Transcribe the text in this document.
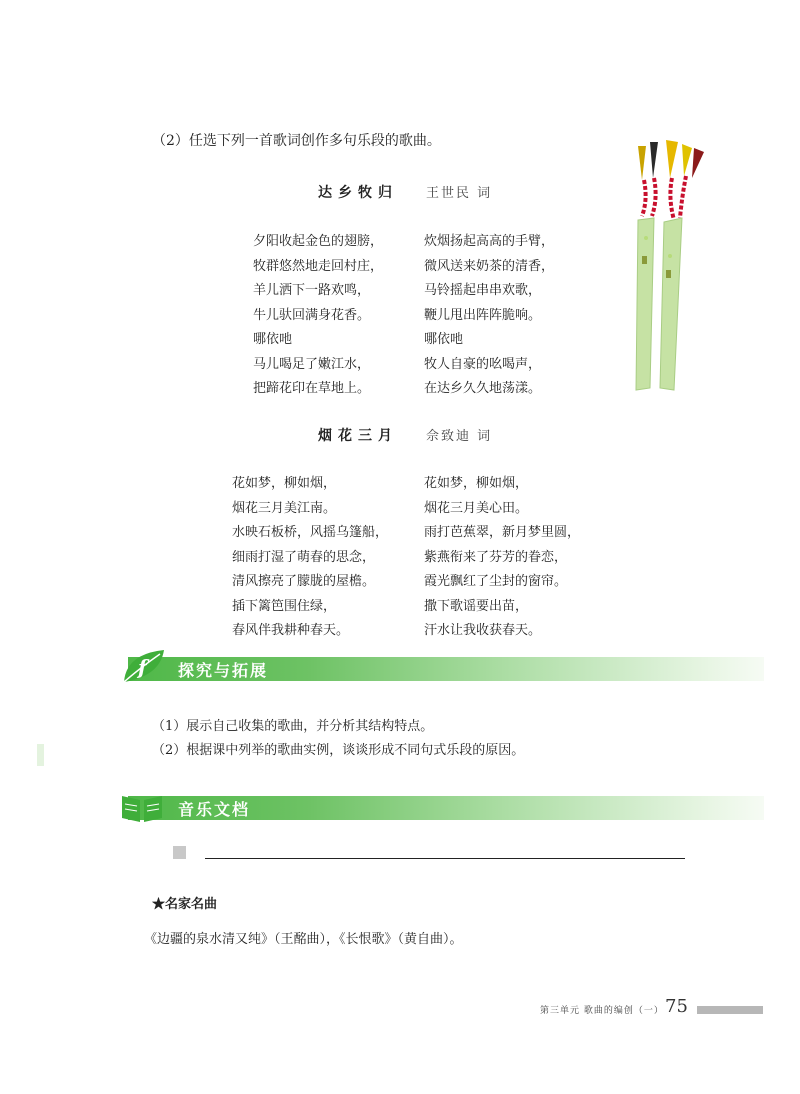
（2）任选下列一首歌词创作多句乐段的歌曲。
达乡牧归 王世民 词
夕阳收起金色的翅膀，
牧群悠然地走回村庄，
羊儿洒下一路欢鸣，
牛儿驮回满身花香。
哪依吔
马儿喝足了嫩江水，
把蹄花印在草地上。
炊烟扬起高高的手臂，
微风送来奶茶的清香，
马铃摇起串串欢歌，
鞭儿甩出阵阵脆响。
哪依吔
牧人自豪的吆喝声，
在达乡久久地荡漾。
烟花三月 佘致迪 词
花如梦，柳如烟，
烟花三月美江南。
水映石板桥，风摇乌篷船，
细雨打湿了萌春的思念，
清风擦亮了朦胧的屋檐。
插下篱笆围住绿，
春风伴我耕种春天。
花如梦，柳如烟，
烟花三月美心田。
雨打芭蕉翠，新月梦里圆，
紫燕衔来了芬芳的眷恋，
霞光飘红了尘封的窗帘。
撒下歌谣要出苗，
汗水让我收获春天。
探究与拓展
f
（1）展示自己收集的歌曲，并分析其结构特点。
（2）根据课中列举的歌曲实例，谈谈形成不同句式乐段的原因。
音乐文档
★名家名曲
《边疆的泉水清又纯》（王酩曲），《长恨歌》（黄自曲）。
第三单元 歌曲的编创（一） 75
